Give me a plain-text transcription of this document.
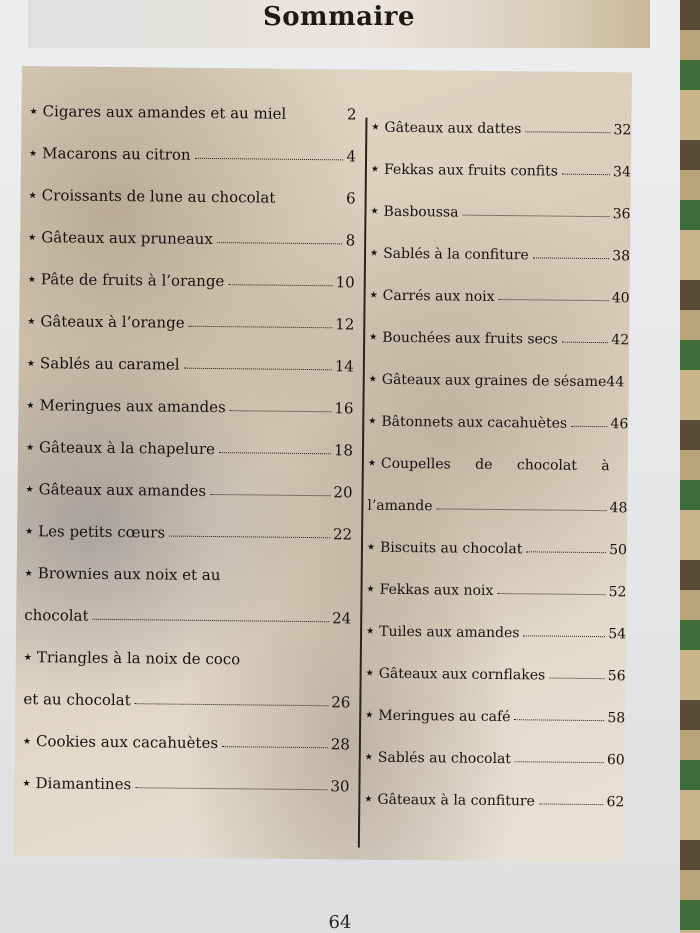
Sommaire
★ Cigares aux amandes et au miel	2
★ Macarons au citron	4
★ Croissants de lune au chocolat	6
★ Gâteaux aux pruneaux	8
★ Pâte de fruits à l’orange	10
★ Gâteaux à l’orange	12
★ Sablés au caramel	14
★ Meringues aux amandes	16
★ Gâteaux à la chapelure	18
★ Gâteaux aux amandes	20
★ Les petits cœurs	22
★ Brownies aux noix et au
chocolat	24
★ Triangles à la noix de coco
et au chocolat	26
★ Cookies aux cacahuètes	28
★ Diamantines	30
★ Gâteaux aux dattes	32
★ Fekkas aux fruits confits	34
★ Basboussa	36
★ Sablés à la confiture	38
★ Carrés aux noix	40
★ Bouchées aux fruits secs	42
★ Gâteaux aux graines de sésame 44
★ Bâtonnets aux cacahuètes	46
★ Coupelles de chocolat à
l’amande	48
★ Biscuits au chocolat	50
★ Fekkas aux noix	52
★ Tuiles aux amandes	54
★ Gâteaux aux cornflakes	56
★ Meringues au café	58
★ Sablés au chocolat	60
★ Gâteaux à la confiture	62
64
